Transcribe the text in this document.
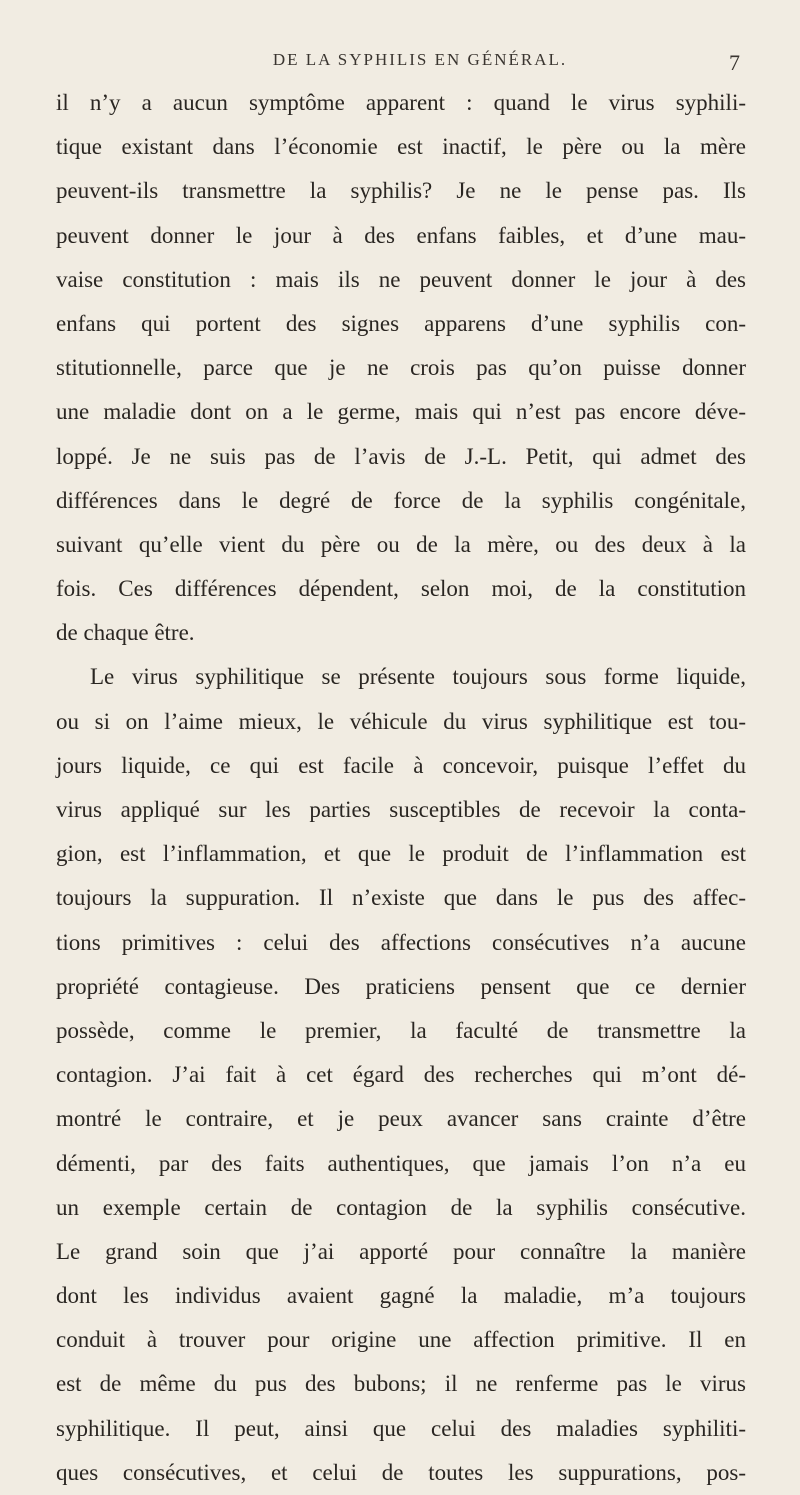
DE LA SYPHILIS EN GÉNÉRAL.	7
il n’y a aucun symptôme apparent : quand le virus syphili-
tique existant dans l’économie est inactif, le père ou la mère
peuvent-ils transmettre la syphilis? Je ne le pense pas. Ils
peuvent donner le jour à des enfans faibles, et d’une mau-
vaise constitution : mais ils ne peuvent donner le jour à des
enfans qui portent des signes apparens d’une syphilis con-
stitutionnelle, parce que je ne crois pas qu’on puisse donner
une maladie dont on a le germe, mais qui n’est pas encore déve-
loppé. Je ne suis pas de l’avis de J.-L. Petit, qui admet des
différences dans le degré de force de la syphilis congénitale,
suivant qu’elle vient du père ou de la mère, ou des deux à la
fois. Ces différences dépendent, selon moi, de la constitution
de chaque être.
Le virus syphilitique se présente toujours sous forme liquide,
ou si on l’aime mieux, le véhicule du virus syphilitique est tou-
jours liquide, ce qui est facile à concevoir, puisque l’effet du
virus appliqué sur les parties susceptibles de recevoir la conta-
gion, est l’inflammation, et que le produit de l’inflammation est
toujours la suppuration. Il n’existe que dans le pus des affec-
tions primitives : celui des affections consécutives n’a aucune
propriété contagieuse. Des praticiens pensent que ce dernier
possède, comme le premier, la faculté de transmettre la
contagion. J’ai fait à cet égard des recherches qui m’ont dé-
montré le contraire, et je peux avancer sans crainte d’être
démenti, par des faits authentiques, que jamais l’on n’a eu
un exemple certain de contagion de la syphilis consécutive.
Le grand soin que j’ai apporté pour connaître la manière
dont les individus avaient gagné la maladie, m’a toujours
conduit à trouver pour origine une affection primitive. Il en
est de même du pus des bubons; il ne renferme pas le virus
syphilitique. Il peut, ainsi que celui des maladies syphiliti-
ques consécutives, et celui de toutes les suppurations, pos-
